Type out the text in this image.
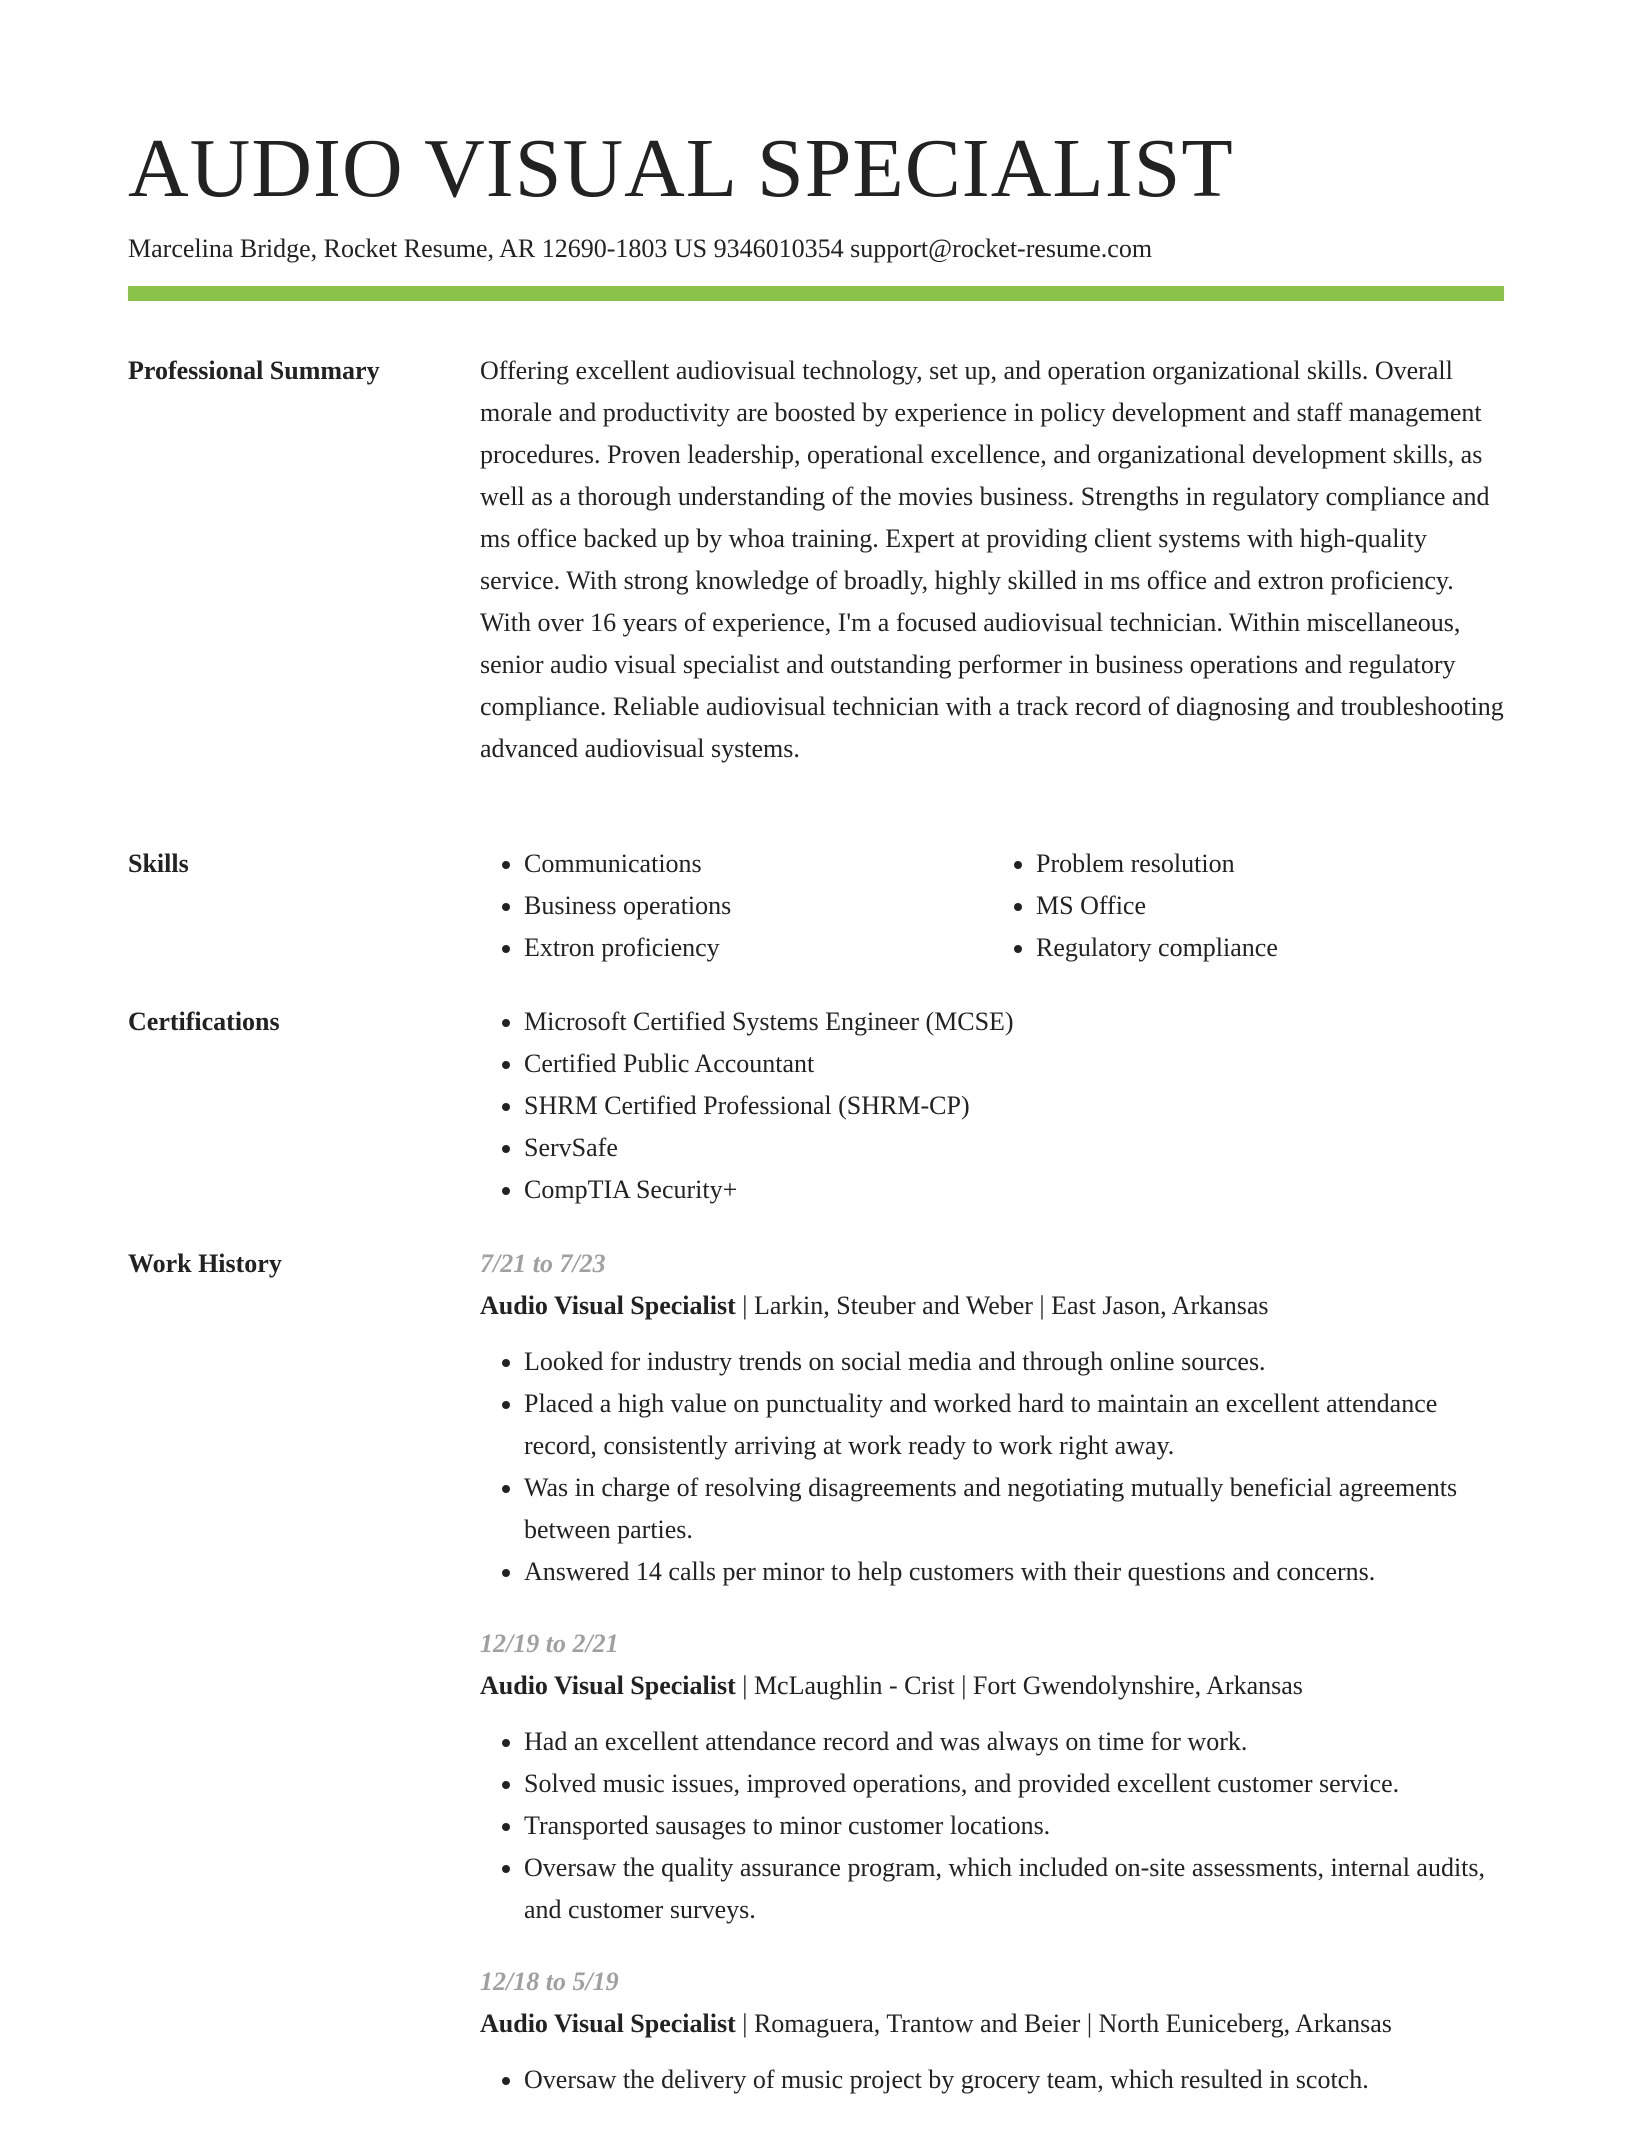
AUDIO VISUAL SPECIALIST
Marcelina Bridge, Rocket Resume, AR 12690-1803 US 9346010354 support@rocket-resume.com
Professional Summary	Offering excellent audiovisual technology, set up, and operation organizational skills. Overall morale and productivity are boosted by experience in policy development and staff management procedures. Proven leadership, operational excellence, and organizational development skills, as well as a thorough understanding of the movies business. Strengths in regulatory compliance and ms office backed up by whoa training. Expert at providing client systems with high-quality service. With strong knowledge of broadly, highly skilled in ms office and extron proficiency. With over 16 years of experience, I'm a focused audiovisual technician. Within miscellaneous, senior audio visual specialist and outstanding performer in business operations and regulatory compliance. Reliable audiovisual technician with a track record of diagnosing and troubleshooting advanced audiovisual systems.

Skills	• Communications
• Business operations
• Extron proficiency
• Problem resolution
• MS Office
• Regulatory compliance
Certifications	• Microsoft Certified Systems Engineer (MCSE)
• Certified Public Accountant
• SHRM Certified Professional (SHRM-CP)
• ServSafe
• CompTIA Security+
Work History	7/21 to 7/23
Audio Visual Specialist | Larkin, Steuber and Weber | East Jason, Arkansas
• Looked for industry trends on social media and through online sources.
• Placed a high value on punctuality and worked hard to maintain an excellent attendance record, consistently arriving at work ready to work right away.
• Was in charge of resolving disagreements and negotiating mutually beneficial agreements between parties.
• Answered 14 calls per minor to help customers with their questions and concerns.
12/19 to 2/21
Audio Visual Specialist | McLaughlin - Crist | Fort Gwendolynshire, Arkansas
• Had an excellent attendance record and was always on time for work.
• Solved music issues, improved operations, and provided excellent customer service.
• Transported sausages to minor customer locations.
• Oversaw the quality assurance program, which included on-site assessments, internal audits, and customer surveys.
12/18 to 5/19
Audio Visual Specialist | Romaguera, Trantow and Beier | North Euniceberg, Arkansas
• Oversaw the delivery of music project by grocery team, which resulted in scotch.
